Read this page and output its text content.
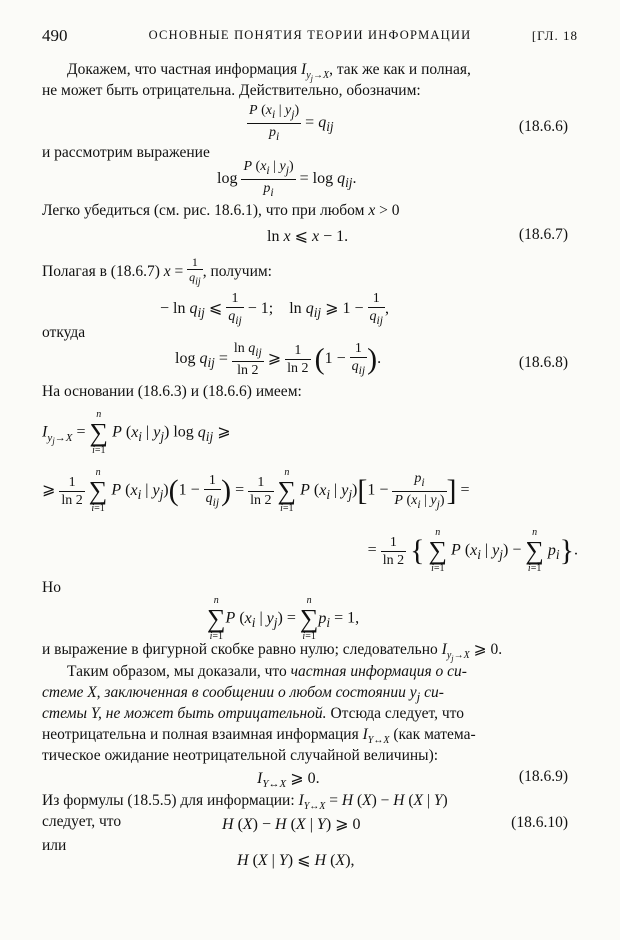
490	ОСНОВНЫЕ ПОНЯТИЯ ТЕОРИИ ИНФОРМАЦИИ	[ГЛ. 18
Докажем, что частная информация $I_{y_j\to X}$, так же как и полная,
не может быть отрицательна. Действительно, обозначим:
$\frac{P (x_i | y_j)}{p_i} = q_{ij}$	(18.6.6)
и рассмотрим выражение
$\log \frac{P (x_i | y_j)}{p_i} = \log q_{ij}$.
Легко убедиться (см. рис. 18.6.1), что при любом x > 0
ln x ⩽ x − 1.	(18.6.7)
Полагая в (18.6.7) $x = \frac{1}{q_{ij}}$ , получим:
− $\ln q_{ij}$ ⩽ $\frac{1}{q_{ij}} - 1$;    $\ln q_{ij}$ ⩾ $1 - \frac{1}{q_{ij}}$ ,
откуда
$\log q_{ij} = \frac{\ln q_{ij}}{\ln 2}$ ⩾ $\frac{1}{\ln 2} (1 - \frac{1}{q_{ij}}$ ).	(18.6.8)
На основании (18.6.3) и (18.6.6) имеем:
$I_{y_j\to X} = n$
∑
i=1 P ($x_i$ | $y_j$) $\log q_{ij}$ ⩾
⩾ $\frac{1}{\ln 2}$
n
∑
i=1 P ($x_i$ | $y_j)(1 - \frac{1}{q_{ij}}$ ) = $\frac{1}{\ln 2}$
n
∑
i=1 P ($x_i$ | $y_j)[1 - \frac{p_i}{P (x_i | y_j)}$ ] =
= $\frac{1}{\ln 2}$ { n
∑
i=1 P ($x_i$ | $y_j) - n$
∑
i=1 $p_i$}.
Но
n
∑
i=1P ($x_i$ | $y_j) = n$
∑
$i=1p_i = 1$,
и выражение в фигурной скобке равно нулю; следовательно $I_{y_j\to X}$ ⩾ 0.
Таким образом, мы доказали, что частная информация о си-
стеме X, заключенная в сообщении о любом состоянии $y_j$ си-
стемы Y, не может быть отрицательной. Отсюда следует, что
неотрицательна и полная взаимная информация $I_{Y\leftrightarrow X}$ (как матема-
тическое ожидание неотрицательной случайной величины):
$I_{Y\leftrightarrow X}$ ⩾ 0.	(18.6.9)
Из формулы (18.5.5) для информации: $I_{Y\leftrightarrow X} = H$ (X) − H (X | Y)
следует, что	H (X) − H (X | Y) ⩾ 0	(18.6.10)
или
H (X | Y) ⩽ H (X),
